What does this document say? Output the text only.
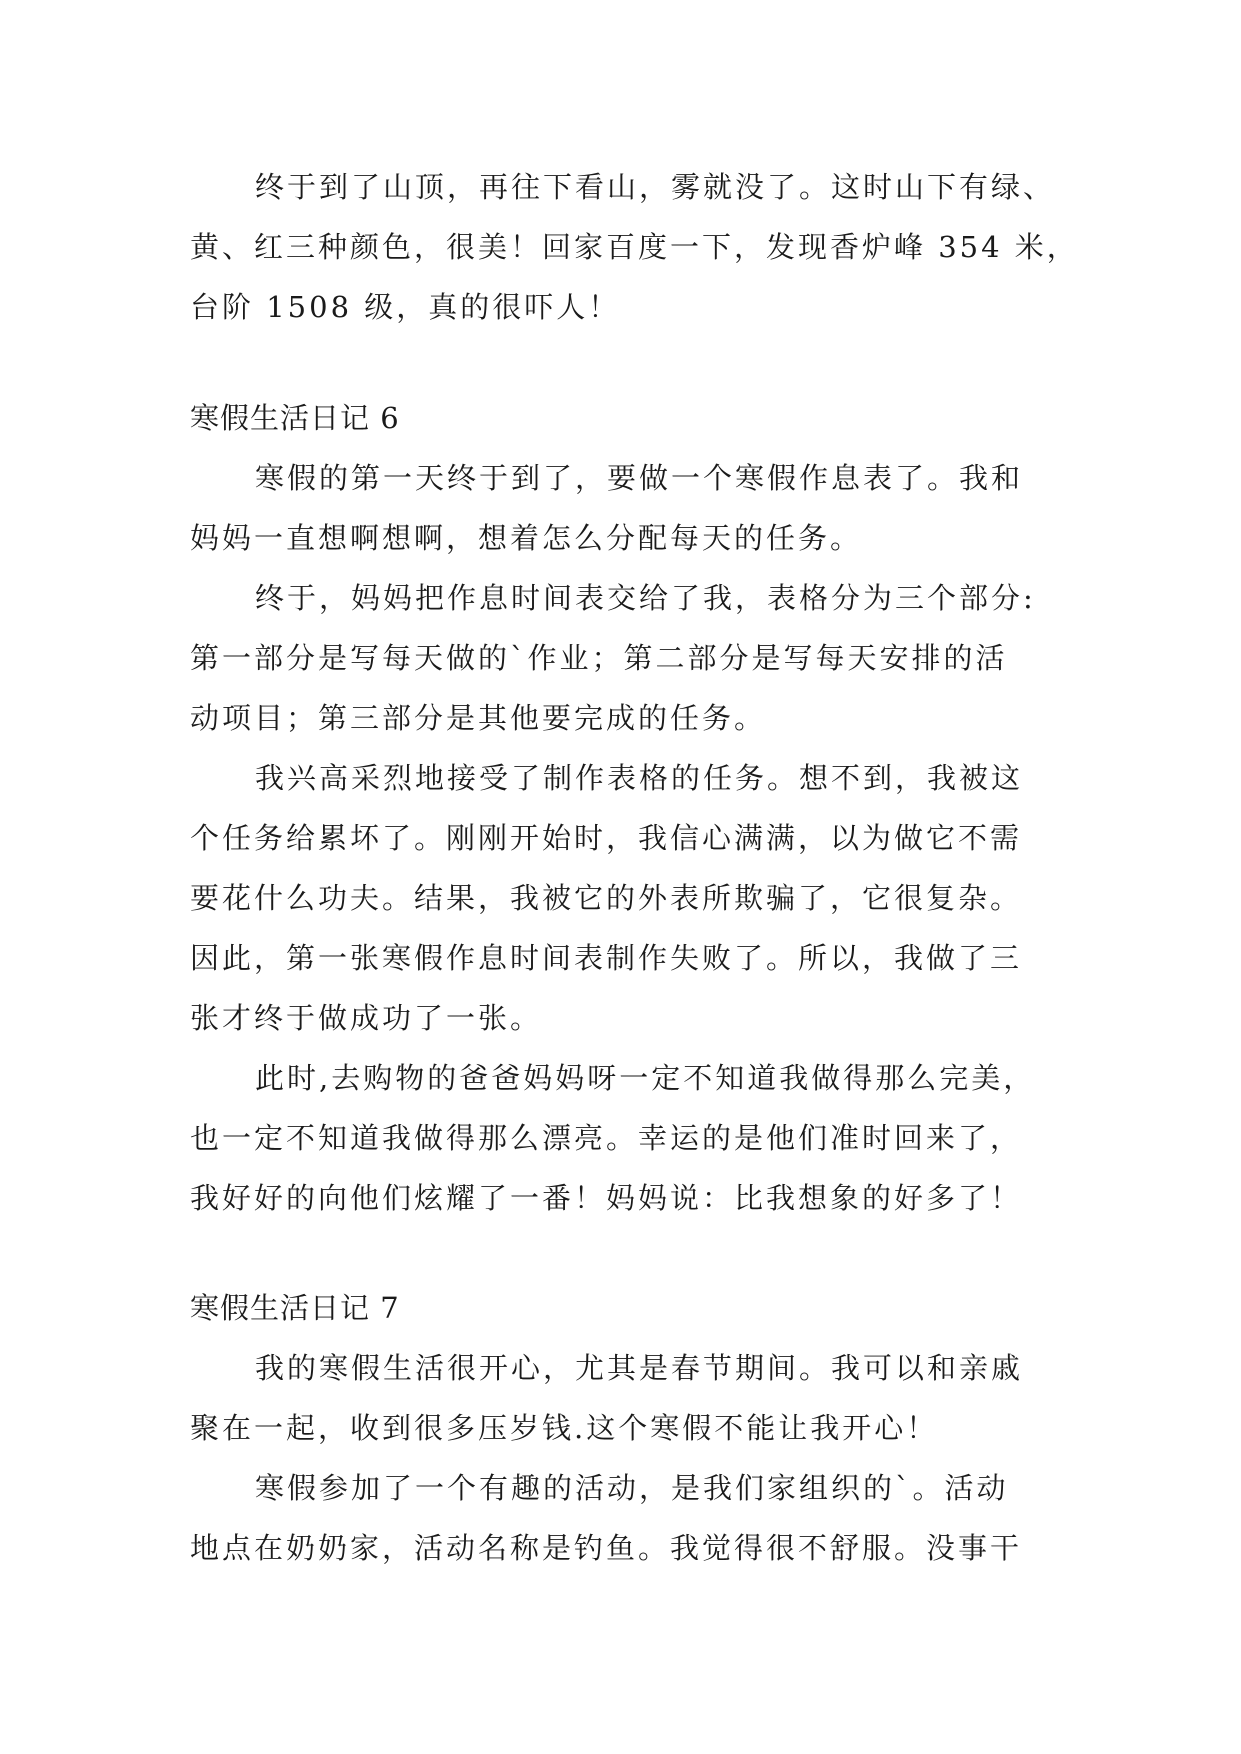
终于到了山顶，再往下看山，雾就没了。这时山下有绿、
黄、红三种颜色，很美！回家百度一下，发现香炉峰 354 米，
台阶 1508 级，真的很吓人！
寒假生活日记 6
寒假的第一天终于到了，要做一个寒假作息表了。我和
妈妈一直想啊想啊，想着怎么分配每天的任务。
终于，妈妈把作息时间表交给了我，表格分为三个部分:
第一部分是写每天做的`作业；第二部分是写每天安排的活
动项目；第三部分是其他要完成的任务。
我兴高采烈地接受了制作表格的任务。想不到，我被这
个任务给累坏了。刚刚开始时，我信心满满，以为做它不需
要花什么功夫。结果，我被它的外表所欺骗了，它很复杂。
因此，第一张寒假作息时间表制作失败了。所以，我做了三
张才终于做成功了一张。
此时,去购物的爸爸妈妈呀一定不知道我做得那么完美，
也一定不知道我做得那么漂亮。幸运的是他们准时回来了，
我好好的向他们炫耀了一番！妈妈说：比我想象的好多了！
寒假生活日记 7
我的寒假生活很开心，尤其是春节期间。我可以和亲戚
聚在一起，收到很多压岁钱.这个寒假不能让我开心！
寒假参加了一个有趣的活动，是我们家组织的`。活动
地点在奶奶家，活动名称是钓鱼。我觉得很不舒服。没事干
